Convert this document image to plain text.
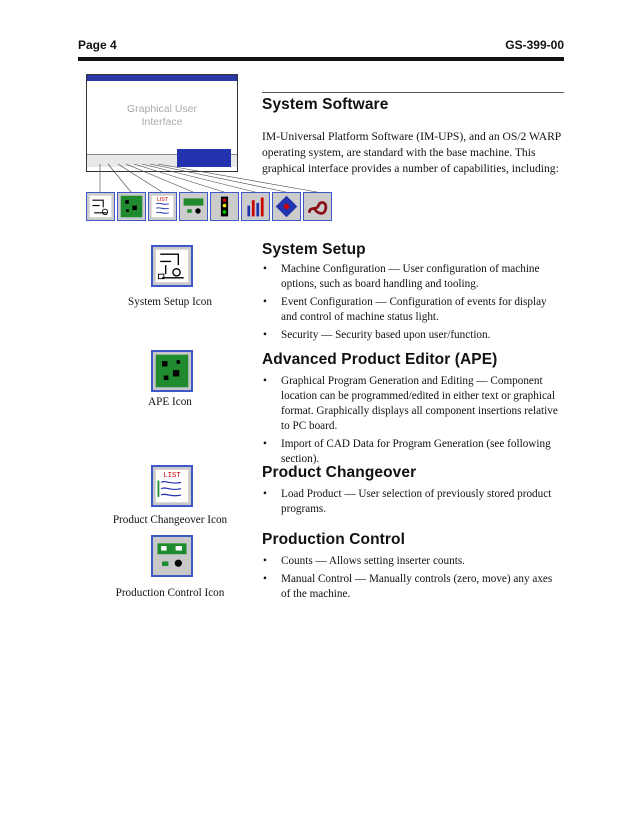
Page 4	GS-399-00
Graphical User
Interface
LIST
System Software
IM-Universal Platform Software (IM-UPS), and an OS/2 WARP operating system, are standard with the base machine. This graphical interface provides a number of capabilities, including:
System Setup Icon
System Setup
• Machine Configuration — User configuration of machine options, such as board handling and tooling.
• Event Configuration — Configuration of events for display and control of machine status light.
• Security — Security based upon user/function.
APE Icon
Advanced Product Editor (APE)
• Graphical Program Generation and Editing — Component location can be programmed/edited in either text or graphical format. Graphically displays all component insertions relative to PC board.
• Import of CAD Data for Program Generation (see following section).
LIST
Product Changeover Icon
Product Changeover
• Load Product — User selection of previously stored product programs.
Production Control Icon
Production Control
• Counts — Allows setting inserter counts.
• Manual Control — Manually controls (zero, move) any axes of the machine.
